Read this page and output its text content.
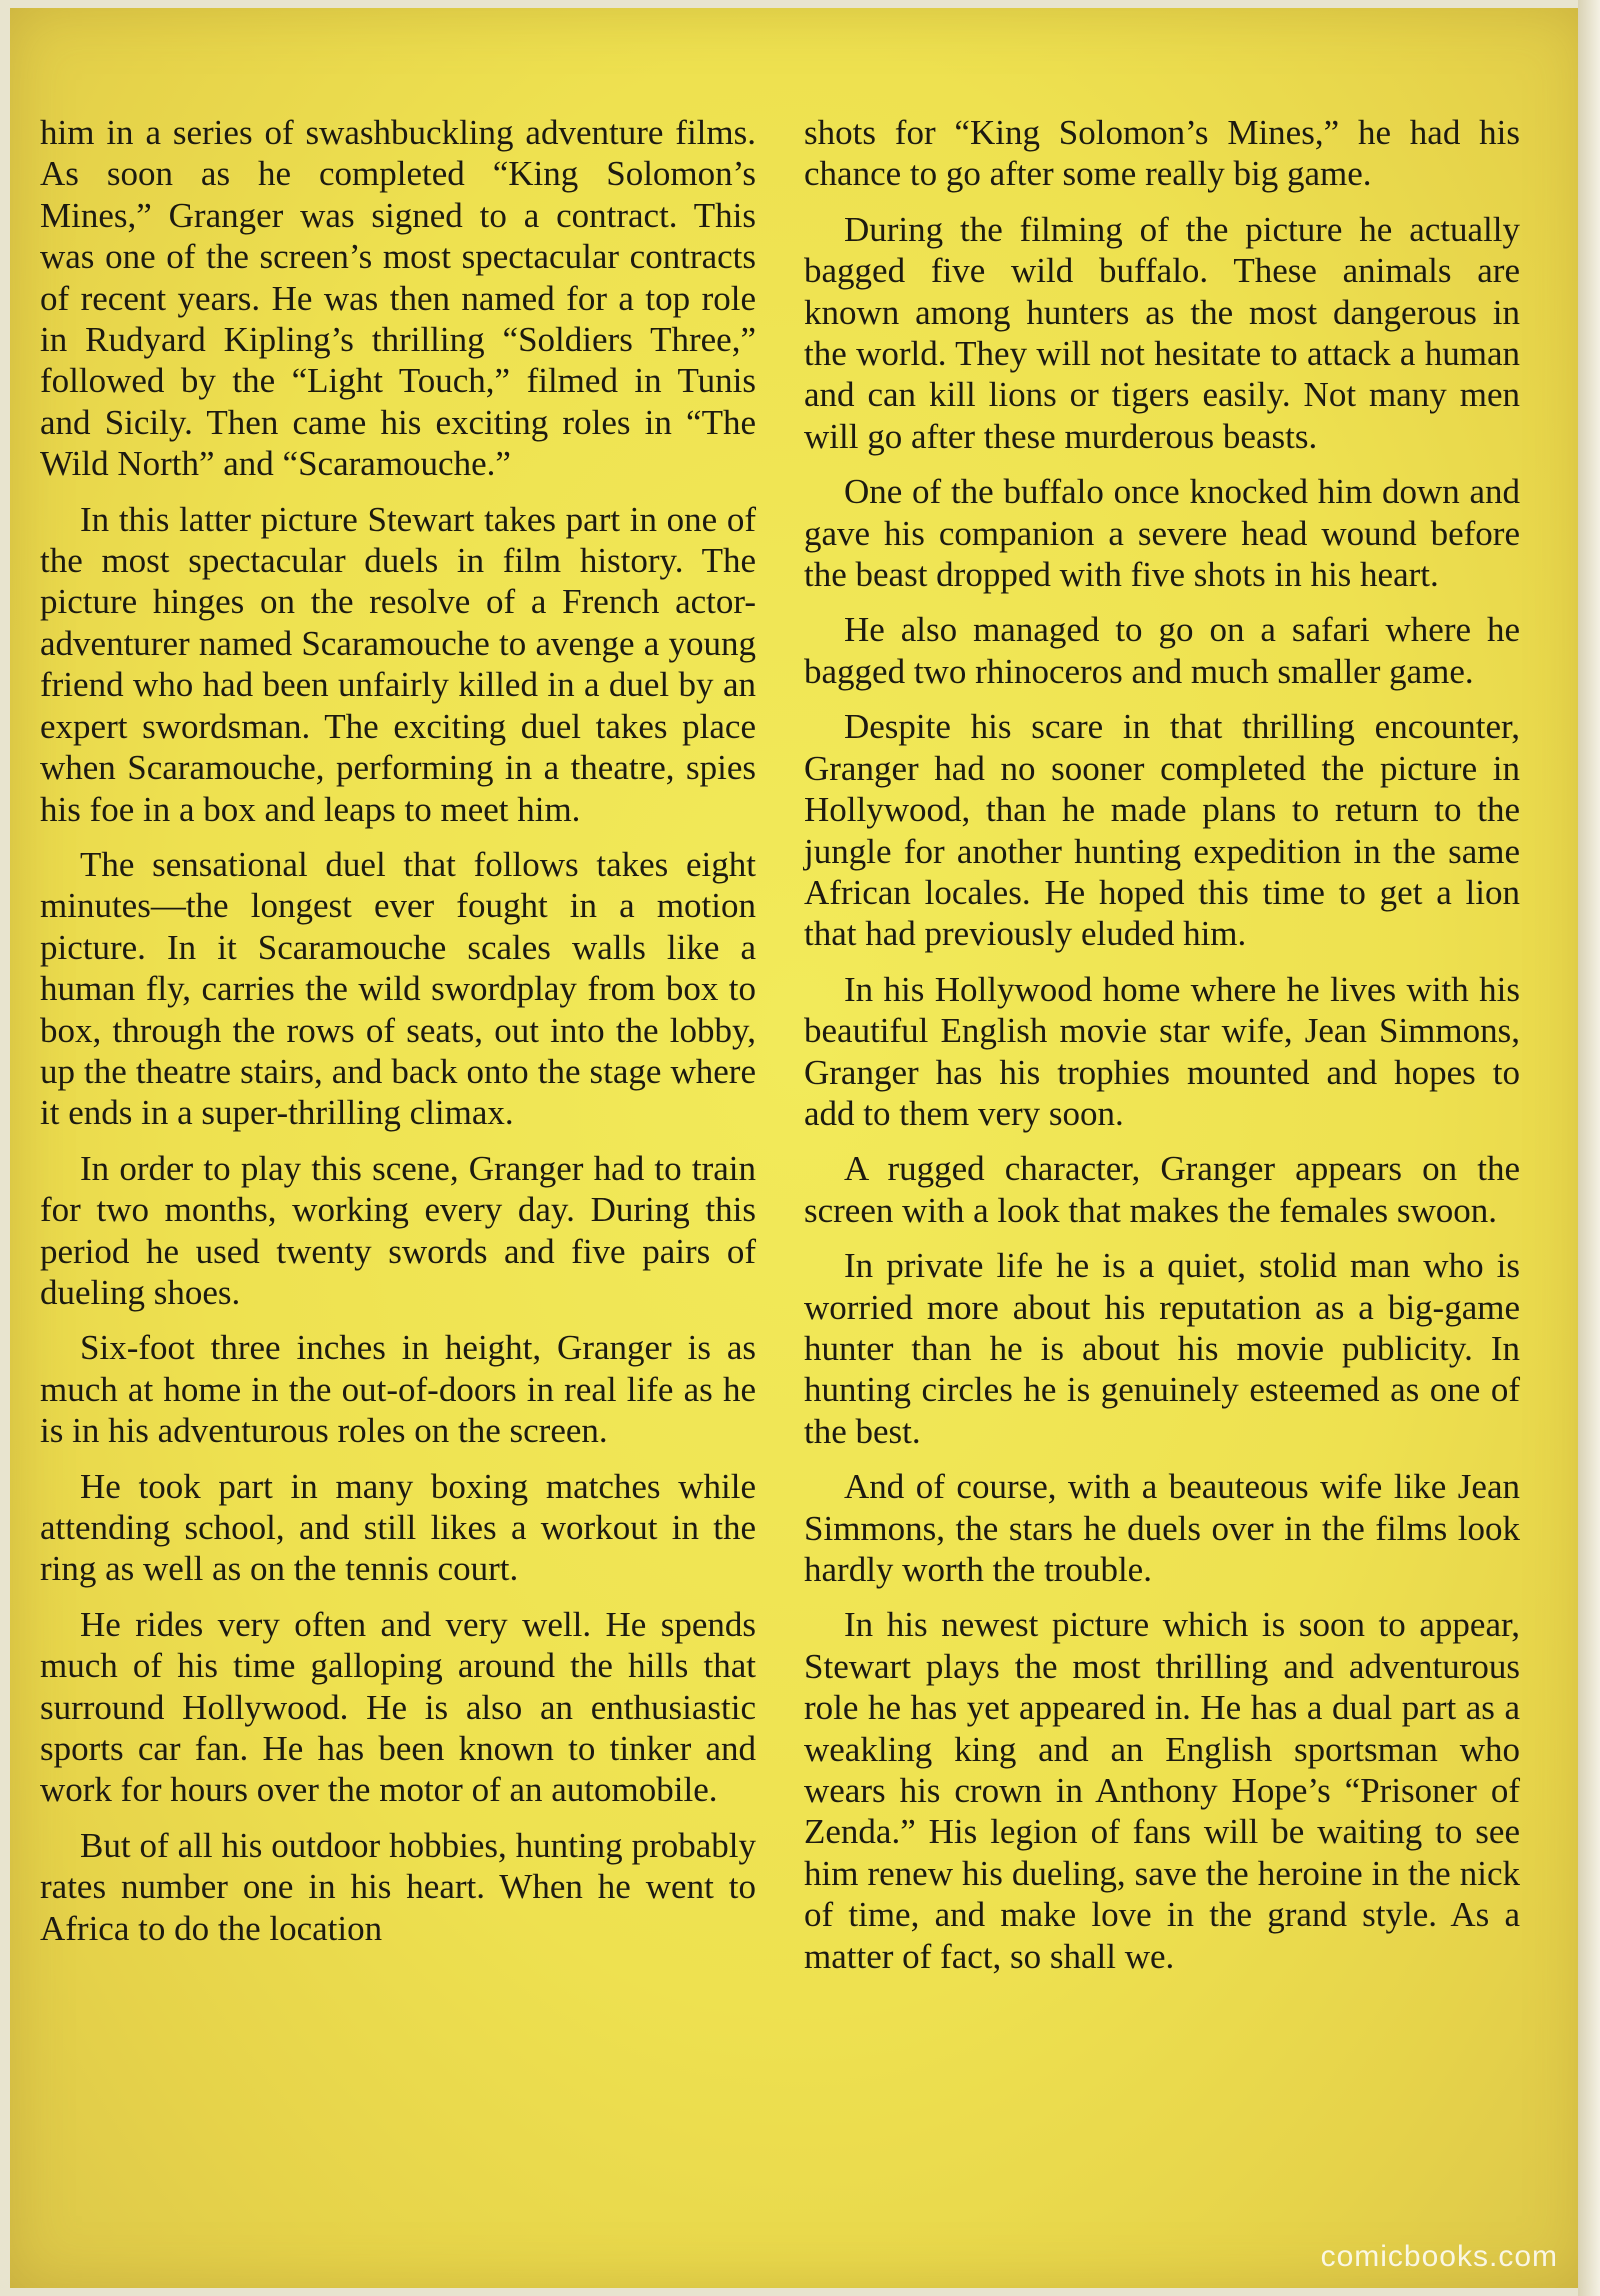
him in a series of swashbuckling adventure films. As soon as he completed “King Solomon’s Mines,” Granger was signed to a contract. This was one of the screen’s most spectacular contracts of recent years. He was then named for a top role in Rudyard Kipling’s thrilling “Soldiers Three,” followed by the “Light Touch,” filmed in Tunis and Sicily. Then came his exciting roles in “The Wild North” and “Scaramouche.”

In this latter picture Stewart takes part in one of the most spectacular duels in film history. The picture hinges on the resolve of a French actor-adventurer named Scaramouche to avenge a young friend who had been unfairly killed in a duel by an expert swordsman. The exciting duel takes place when Scaramouche, performing in a theatre, spies his foe in a box and leaps to meet him.

The sensational duel that follows takes eight minutes—the longest ever fought in a motion picture. In it Scaramouche scales walls like a human fly, carries the wild swordplay from box to box, through the rows of seats, out into the lobby, up the theatre stairs, and back onto the stage where it ends in a super-thrilling climax.

In order to play this scene, Granger had to train for two months, working every day. During this period he used twenty swords and five pairs of dueling shoes.

Six-foot three inches in height, Granger is as much at home in the out-of-doors in real life as he is in his adventurous roles on the screen.

He took part in many boxing matches while attending school, and still likes a workout in the ring as well as on the tennis court.

He rides very often and very well. He spends much of his time galloping around the hills that surround Hollywood. He is also an enthusiastic sports car fan. He has been known to tinker and work for hours over the motor of an automobile.

But of all his outdoor hobbies, hunting probably rates number one in his heart. When he went to Africa to do the location

shots for “King Solomon’s Mines,” he had his chance to go after some really big game.

During the filming of the picture he actually bagged five wild buffalo. These animals are known among hunters as the most dangerous in the world. They will not hesitate to attack a human and can kill lions or tigers easily. Not many men will go after these murderous beasts.

One of the buffalo once knocked him down and gave his companion a severe head wound before the beast dropped with five shots in his heart.

He also managed to go on a safari where he bagged two rhinoceros and much smaller game.

Despite his scare in that thrilling encounter, Granger had no sooner completed the picture in Hollywood, than he made plans to return to the jungle for another hunting expedition in the same African locales. He hoped this time to get a lion that had previously eluded him.

In his Hollywood home where he lives with his beautiful English movie star wife, Jean Simmons, Granger has his trophies mounted and hopes to add to them very soon.

A rugged character, Granger appears on the screen with a look that makes the females swoon.

In private life he is a quiet, stolid man who is worried more about his reputation as a big-game hunter than he is about his movie publicity. In hunting circles he is genuinely esteemed as one of the best.

And of course, with a beauteous wife like Jean Simmons, the stars he duels over in the films look hardly worth the trouble.

In his newest picture which is soon to appear, Stewart plays the most thrilling and adventurous role he has yet appeared in. He has a dual part as a weakling king and an English sportsman who wears his crown in Anthony Hope’s “Prisoner of Zenda.” His legion of fans will be waiting to see him renew his dueling, save the heroine in the nick of time, and make love in the grand style. As a matter of fact, so shall we.

comicbooks.com
